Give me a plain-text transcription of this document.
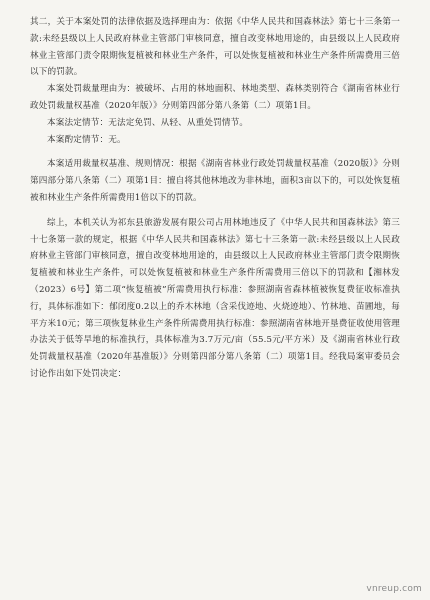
其二，关于本案处罚的法律依据及选择理由为：依据《中华人民共和国森林法》第七十三条第一款:未经县级以上人民政府林业主管部门审核同意，擅自改变林地用途的，由县级以上人民政府林业主管部门责令限期恢复植被和林业生产条件，可以处恢复植被和林业生产条件所需费用三倍以下的罚款。

本案处罚裁量理由为：被破坏、占用的林地面积、林地类型、森林类别符合《湖南省林业行政处罚裁量权基准（2020年版）》分则第四部分第八条第（二）项第1目。

本案法定情节：无法定免罚、从轻、从重处罚情节。

本案酌定情节：无。

本案适用裁量权基准、规则情况：根据《湖南省林业行政处罚裁量权基准（2020版）》分则第四部分第八条第（二）项第1目：擅自将其他林地改为非林地，面积3亩以下的，可以处恢复植被和林业生产条件所需费用1倍以下的罚款。

综上，本机关认为祁东县旅游发展有限公司占用林地违反了《中华人民共和国森林法》第三十七条第一款的规定，根据《中华人民共和国森林法》第七十三条第一款:未经县级以上人民政府林业主管部门审核同意，擅自改变林地用途的，由县级以上人民政府林业主管部门责令限期恢复植被和林业生产条件，可以处恢复植被和林业生产条件所需费用三倍以下的罚款和【湘林发（2023）6号】第二项“恢复植被”所需费用执行标准：参照湖南省森林植被恢复费征收标准执行，具体标准如下：郁闭度0.2以上的乔木林地（含采伐迹地、火烧迹地）、竹林地、苗圃地，每平方米10元；第三项恢复林业生产条件所需费用执行标准：参照湖南省林地开垦费征收使用管理办法关于低等旱地的标准执行，具体标准为3.7万元/亩（55.5元/平方米）及《湖南省林业行政处罚裁量权基准（2020年基准版）》分则第四部分第八条第（二）项第1目。经我局案审委员会讨论作出如下处罚决定：

vnreup.com
